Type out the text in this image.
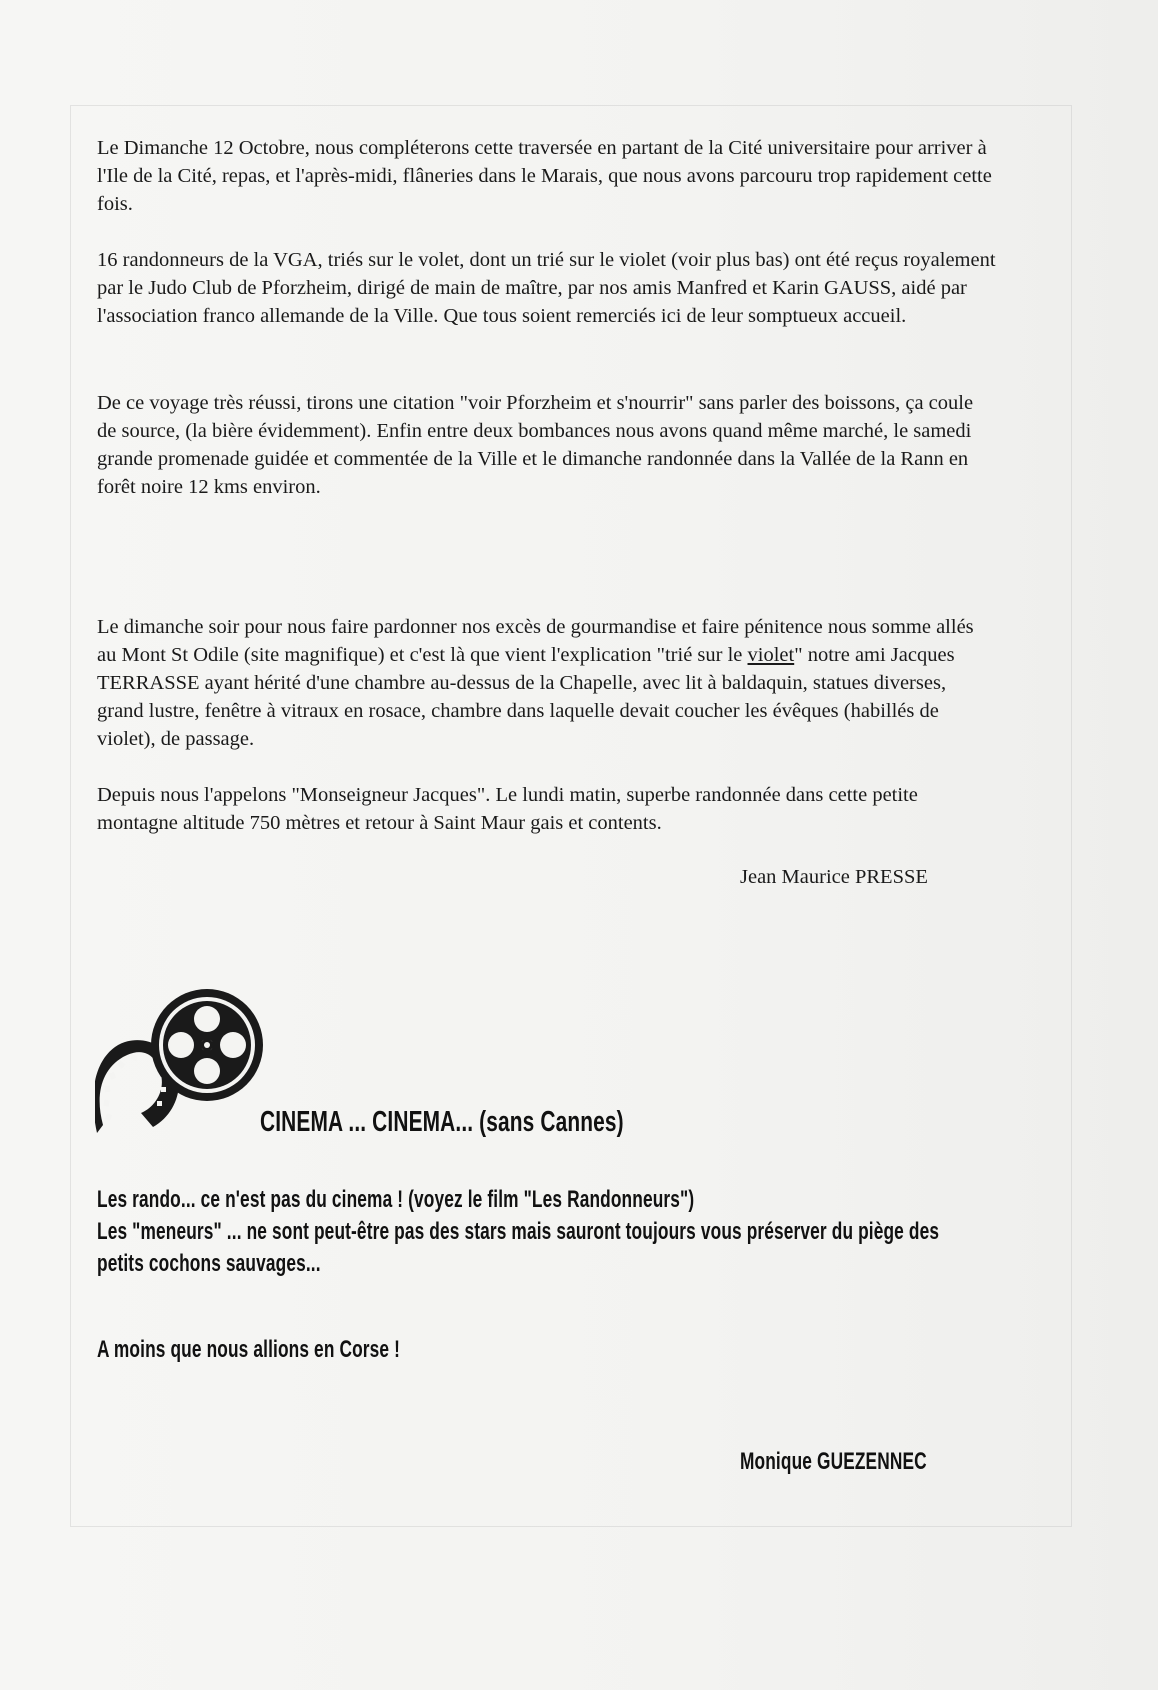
Le Dimanche 12 Octobre, nous compléterons cette traversée en partant de la Cité universitaire pour arriver à l'Ile de la Cité, repas, et l'après-midi, flâneries dans le Marais, que nous avons parcouru trop rapidement cette fois.

16 randonneurs de la VGA, triés sur le volet, dont un trié sur le violet (voir plus bas) ont été reçus royalement par le Judo Club de Pforzheim, dirigé de main de maître, par nos amis Manfred et Karin GAUSS, aidé par l'association franco allemande de la Ville. Que tous soient remerciés ici de leur somptueux accueil.

De ce voyage très réussi, tirons une citation "voir Pforzheim et s'nourrir" sans parler des boissons, ça coule de source, (la bière évidemment). Enfin entre deux bombances nous avons quand même marché, le samedi grande promenade guidée et commentée de la Ville et le dimanche randonnée dans la Vallée de la Rann en forêt noire 12 kms environ.

Le dimanche soir pour nous faire pardonner nos excès de gourmandise et faire pénitence nous somme allés au Mont St Odile (site magnifique) et c'est là que vient l'explication "trié sur le violet" notre ami Jacques TERRASSE ayant hérité d'une chambre au-dessus de la Chapelle, avec lit à baldaquin, statues diverses, grand lustre, fenêtre à vitraux en rosace, chambre dans laquelle devait coucher les évêques (habillés de violet), de passage.

Depuis nous l'appelons "Monseigneur Jacques". Le lundi matin, superbe randonnée dans cette petite montagne altitude 750 mètres et retour à Saint Maur gais et contents.

Jean Maurice PRESSE
CINEMA ... CINEMA... (sans Cannes)

Les rando... ce n'est pas du cinema ! (voyez le film "Les Randonneurs")

Les "meneurs" ... ne sont peut-être pas des stars mais sauront toujours vous préserver du piège des

petits cochons sauvages...

A moins que nous allions en Corse !
Monique GUEZENNEC
